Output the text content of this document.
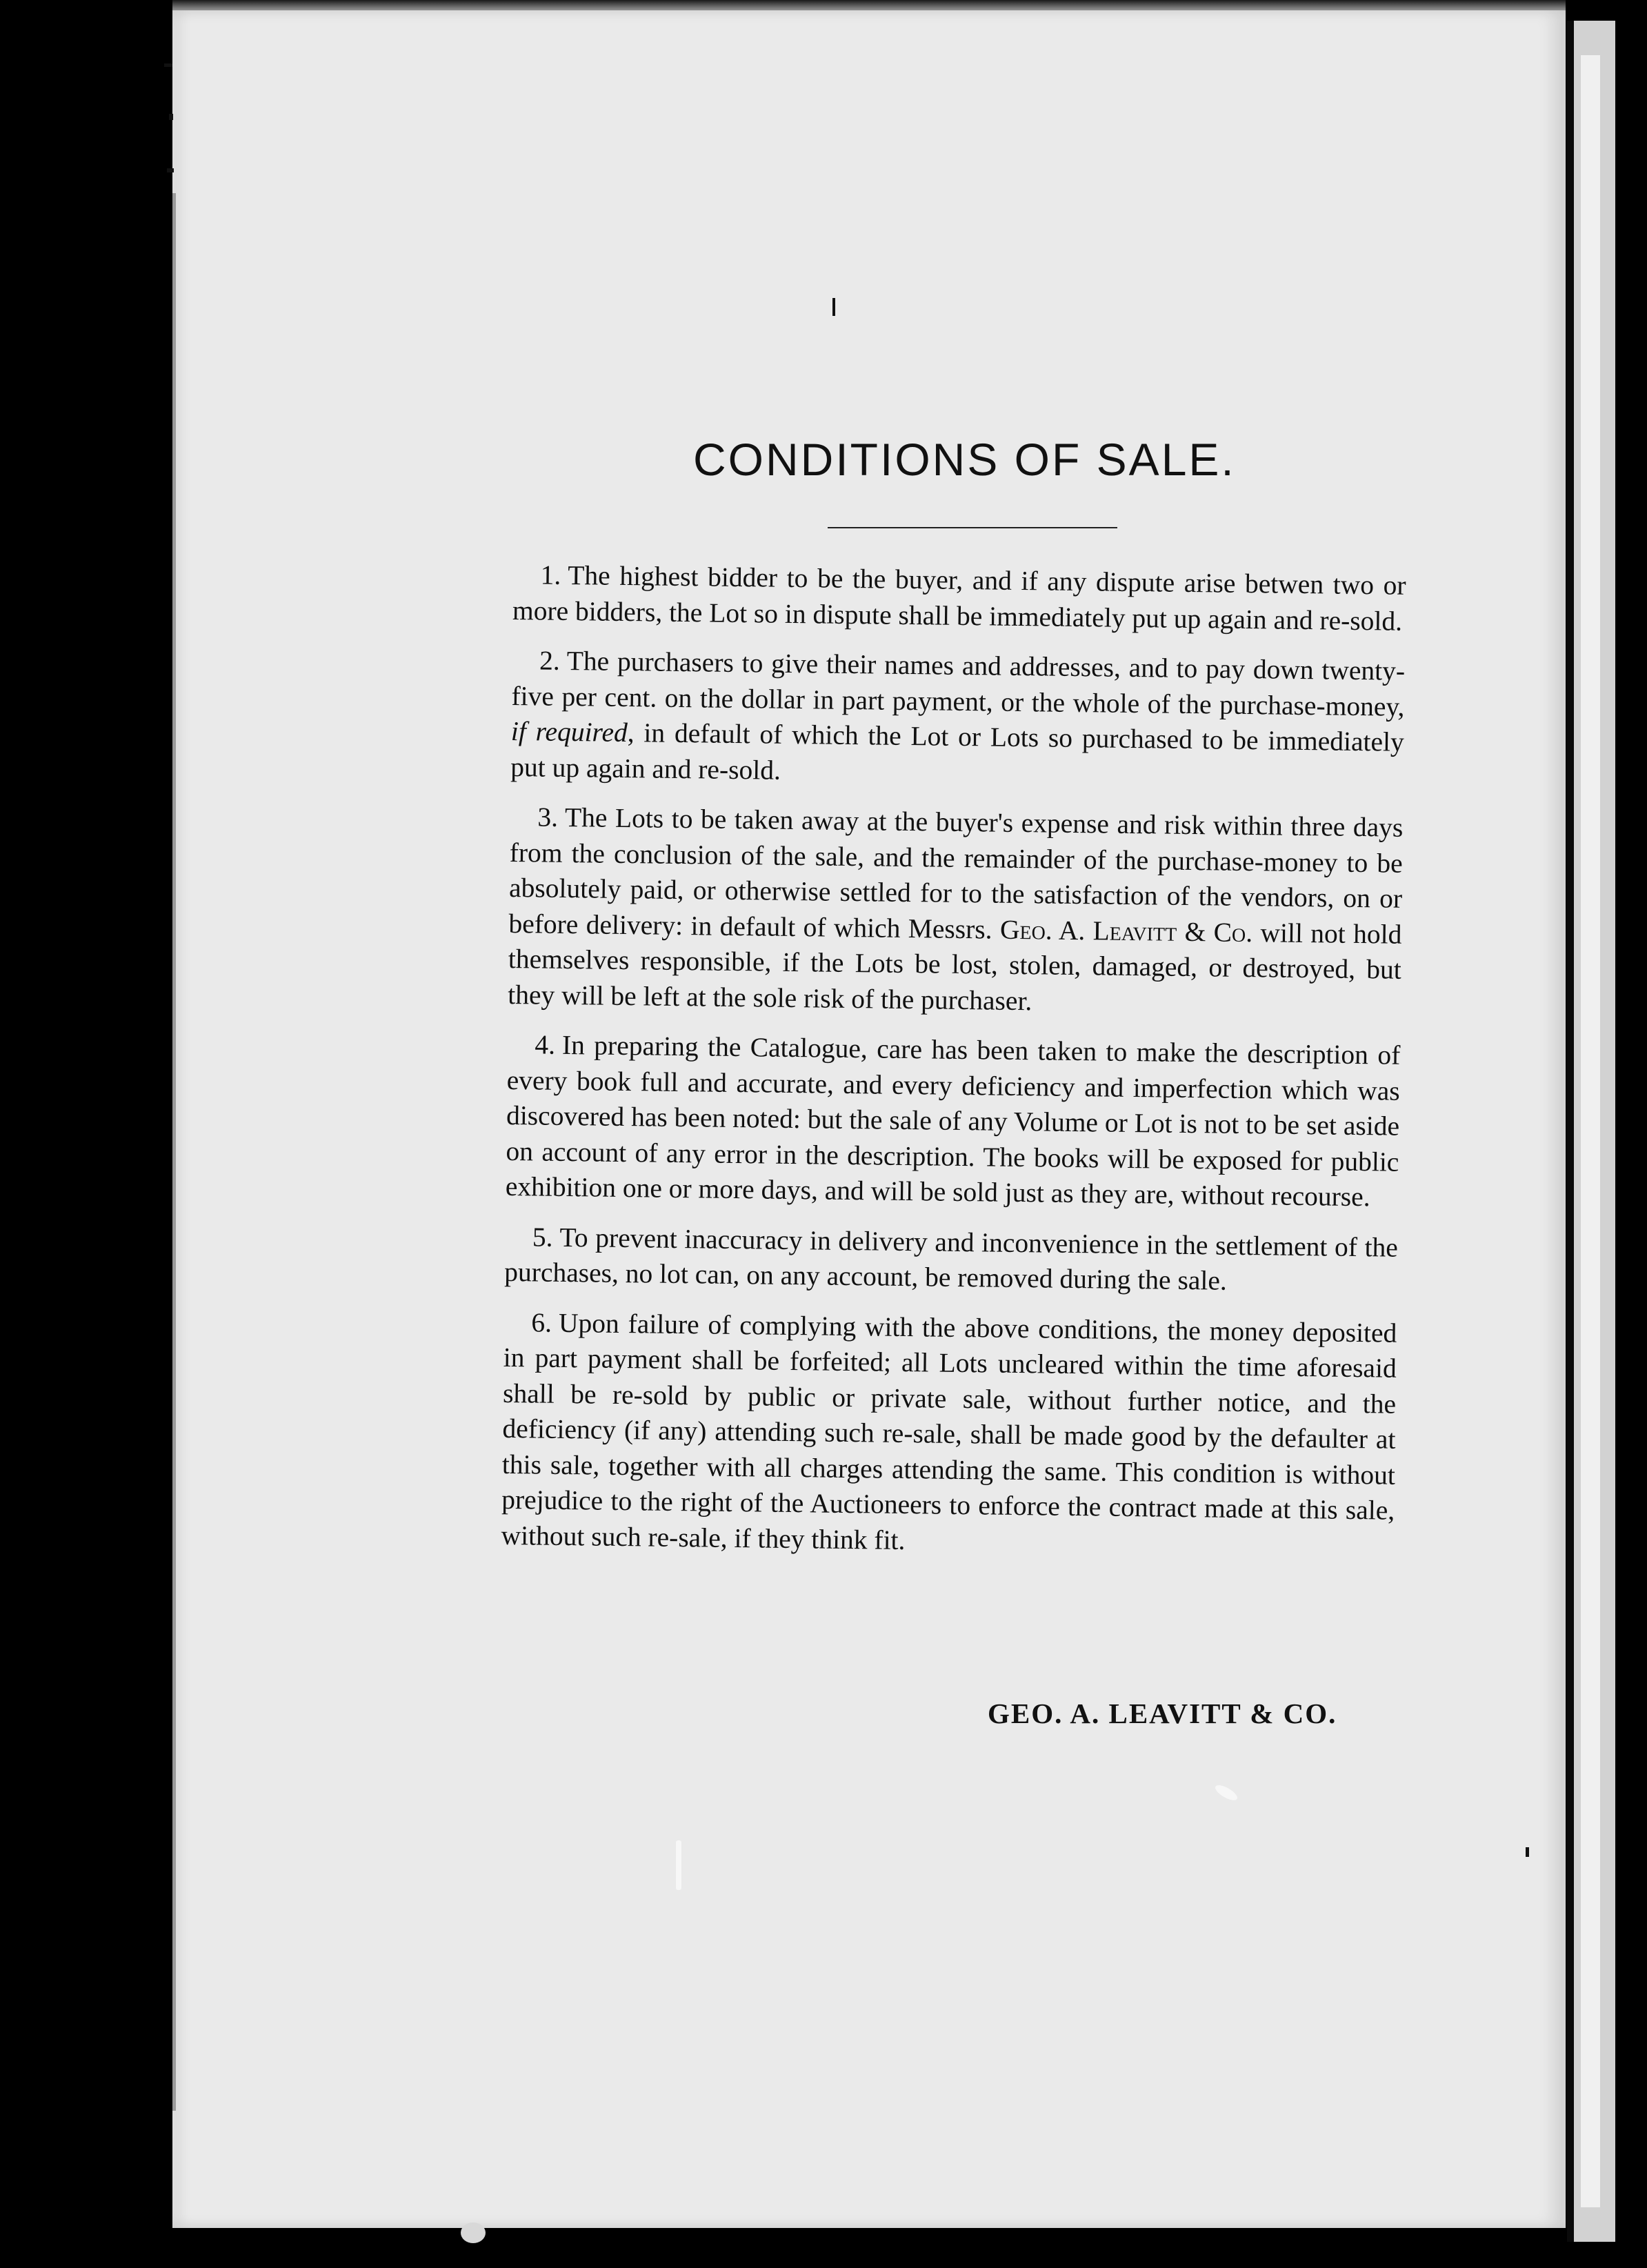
CONDITIONS OF SALE.

1. The highest bidder to be the buyer, and if any dispute arise betwen two or more bidders, the Lot so in dispute shall be immediately put up again and re-sold.

2. The purchasers to give their names and addresses, and to pay down twenty-five per cent. on the dollar in part payment, or the whole of the purchase-money, if required, in default of which the Lot or Lots so purchased to be immediately put up again and re-sold.

3. The Lots to be taken away at the buyer's expense and risk within three days from the conclusion of the sale, and the remainder of the purchase-money to be absolutely paid, or otherwise settled for to the satisfaction of the vendors, on or before delivery: in default of which Messrs. Geo. A. Leavitt & Co. will not hold themselves responsible, if the Lots be lost, stolen, damaged, or destroyed, but they will be left at the sole risk of the purchaser.

4. In preparing the Catalogue, care has been taken to make the description of every book full and accurate, and every deficiency and imperfection which was discovered has been noted: but the sale of any Volume or Lot is not to be set aside on account of any error in the description. The books will be exposed for public exhibition one or more days, and will be sold just as they are, without recourse.

5. To prevent inaccuracy in delivery and inconvenience in the settlement of the purchases, no lot can, on any account, be removed during the sale.

6. Upon failure of complying with the above conditions, the money deposited in part payment shall be forfeited; all Lots uncleared within the time aforesaid shall be re-sold by public or private sale, without further notice, and the deficiency (if any) attending such re-sale, shall be made good by the defaulter at this sale, together with all charges attending the same. This condition is without prejudice to the right of the Auctioneers to enforce the contract made at this sale, without such re-sale, if they think fit.

GEO. A. LEAVITT & CO.
